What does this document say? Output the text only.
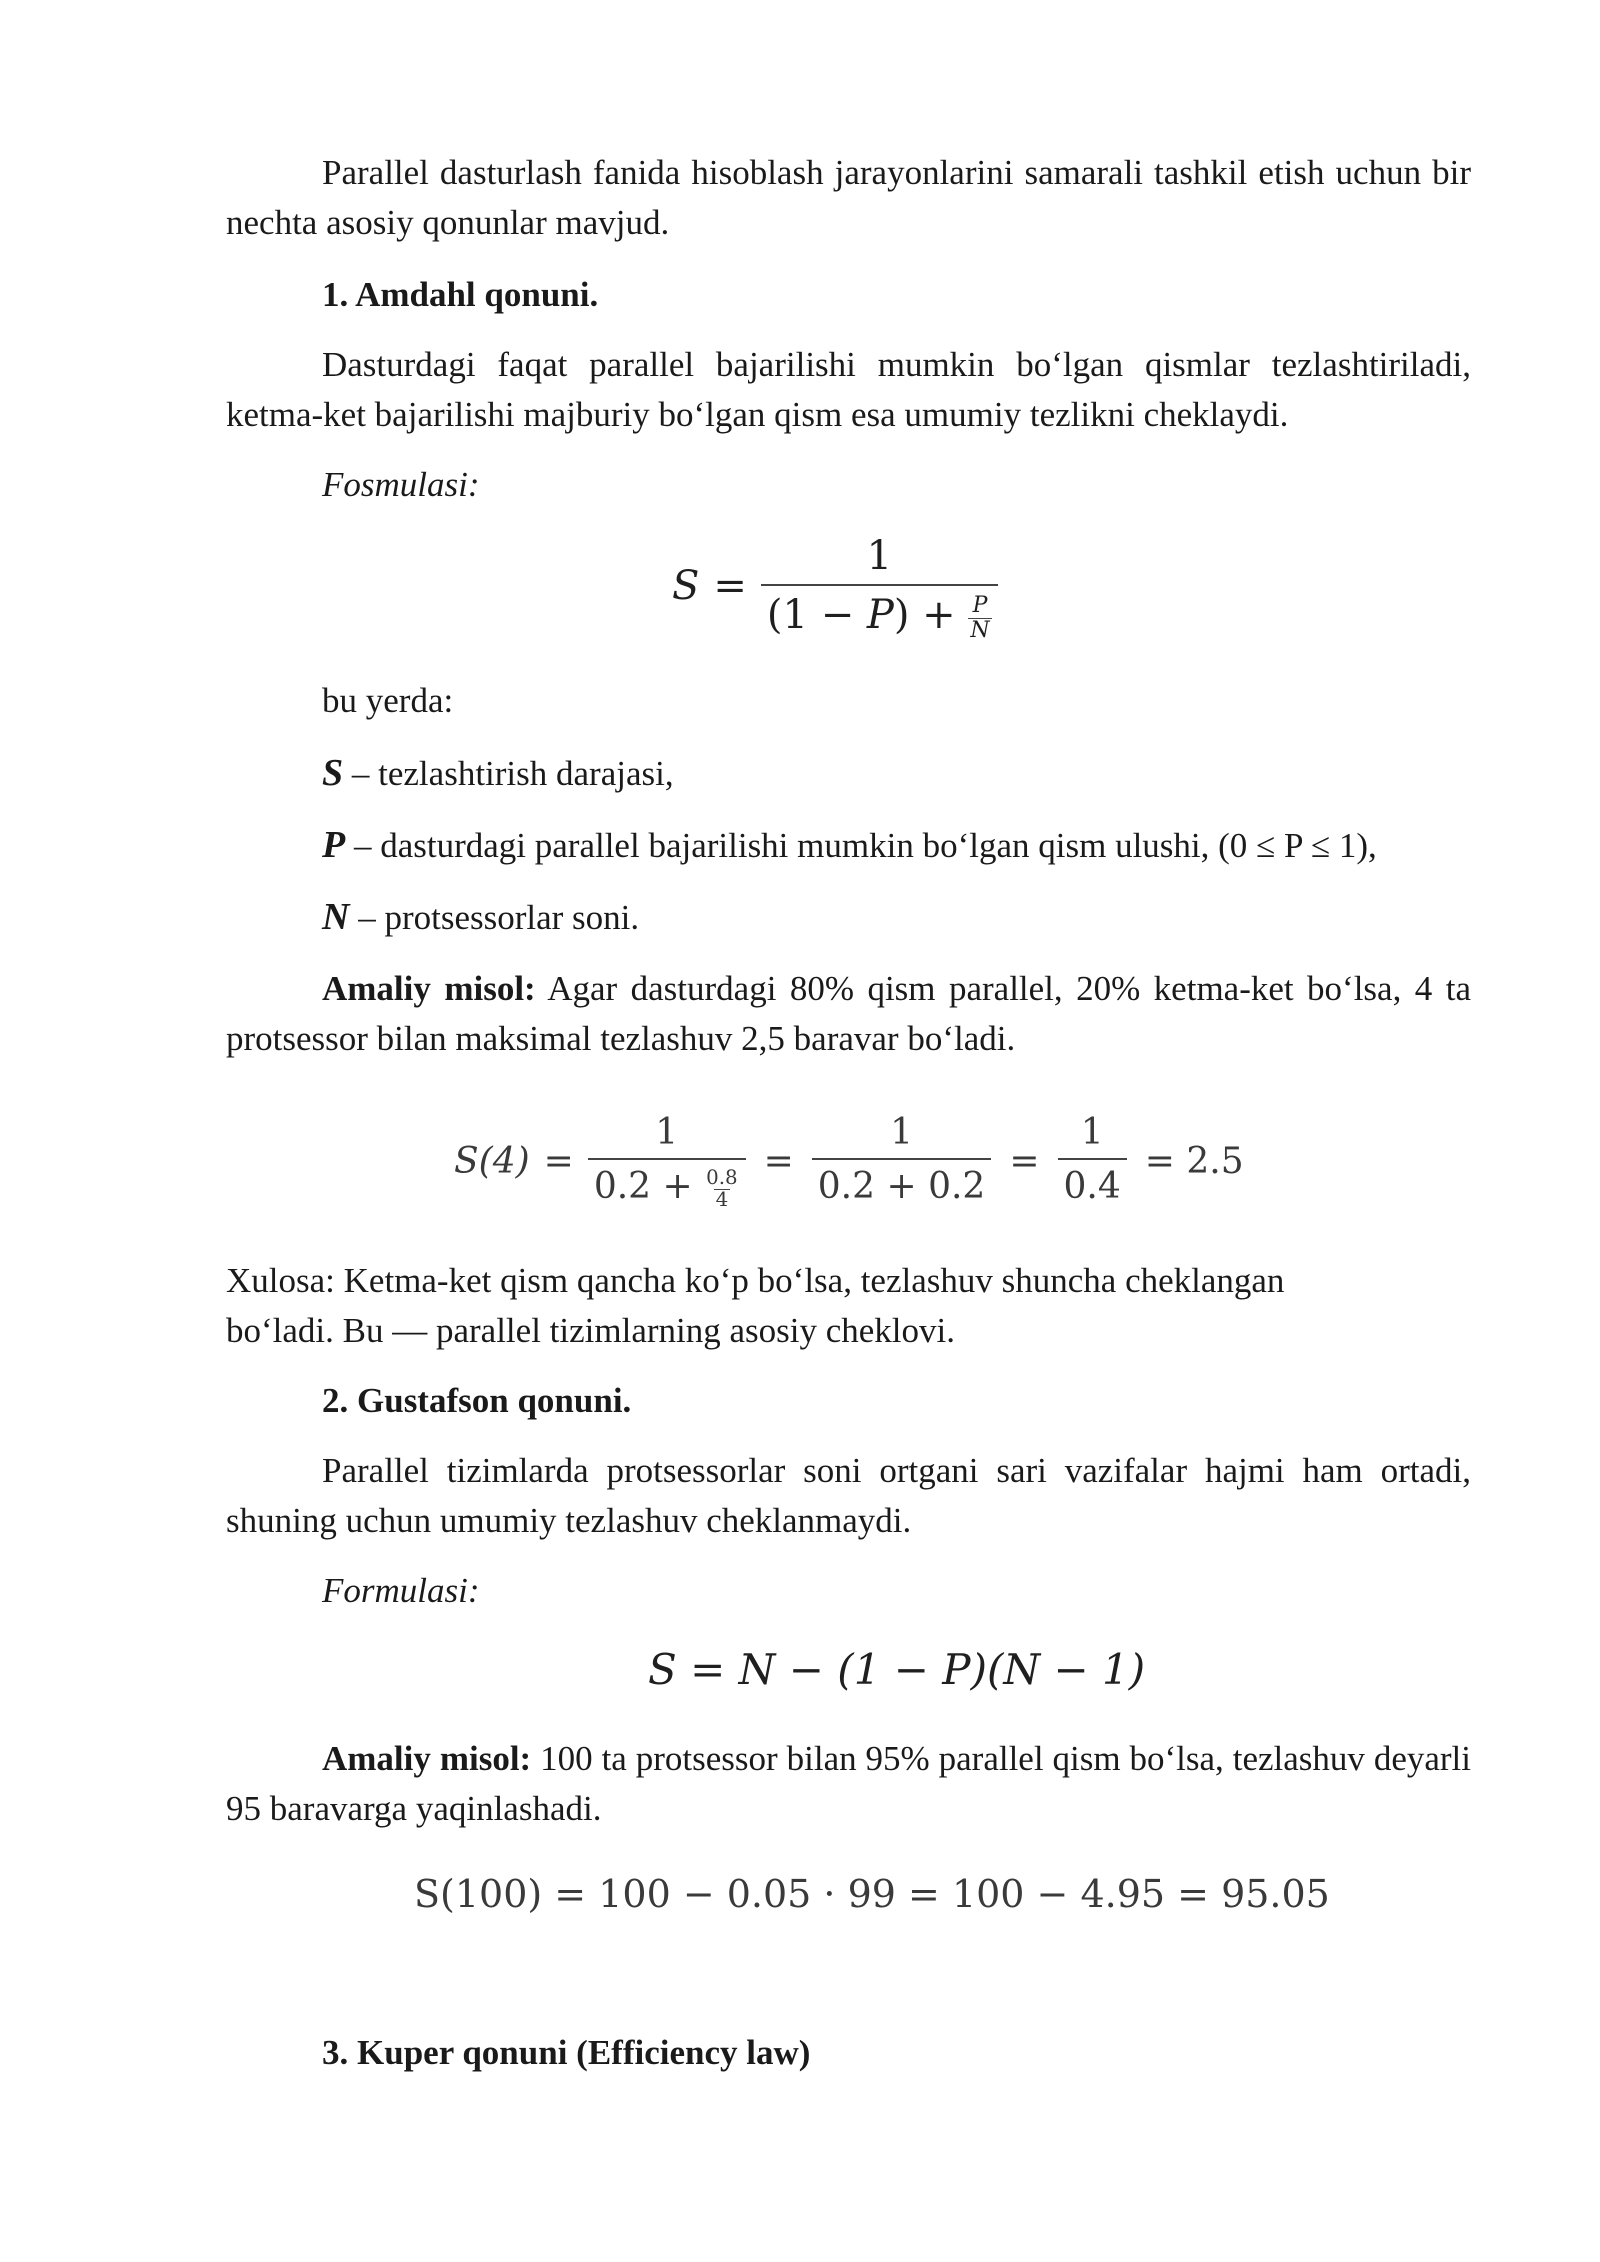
Parallel dasturlash fanida hisoblash jarayonlarini samarali tashkil etish uchun bir nechta asosiy qonunlar mavjud.

1. Amdahl qonuni.

Dasturdagi faqat parallel bajarilishi mumkin bo‘lgan qismlar tezlashtiriladi, ketma-ket bajarilishi majburiy bo‘lgan qism esa umumiy tezlikni cheklaydi.

Fosmulasi:

$S = \frac{1}{(1 - P) + \frac{P}{N}}$

bu yerda:

S – tezlashtirish darajasi,

P – dasturdagi parallel bajarilishi mumkin bo‘lgan qism ulushi, (0 ≤ P ≤ 1),

N – protsessorlar soni.

Amaliy misol: Agar dasturdagi 80% qism parallel, 20% ketma-ket bo‘lsa, 4 ta protsessor bilan maksimal tezlashuv 2,5 baravar bo‘ladi.

$S(4) = \frac{1}{0.2 + \frac{0.8}{4}} = \frac{1}{0.2 + 0.2} = \frac{1}{0.4} = 2.5$

Xulosa: Ketma-ket qism qancha ko‘p bo‘lsa, tezlashuv shuncha cheklangan bo‘ladi. Bu — parallel tizimlarning asosiy cheklovi.

2. Gustafson qonuni.

Parallel tizimlarda protsessorlar soni ortgani sari vazifalar hajmi ham ortadi, shuning uchun umumiy tezlashuv cheklanmaydi.

Formulasi:

S = N − (1 − P)(N − 1)

Amaliy misol: 100 ta protsessor bilan 95% parallel qism bo‘lsa, tezlashuv deyarli 95 baravarga yaqinlashadi.

S(100) = 100 − 0.05 · 99 = 100 − 4.95 = 95.05

3. Kuper qonuni (Efficiency law)
